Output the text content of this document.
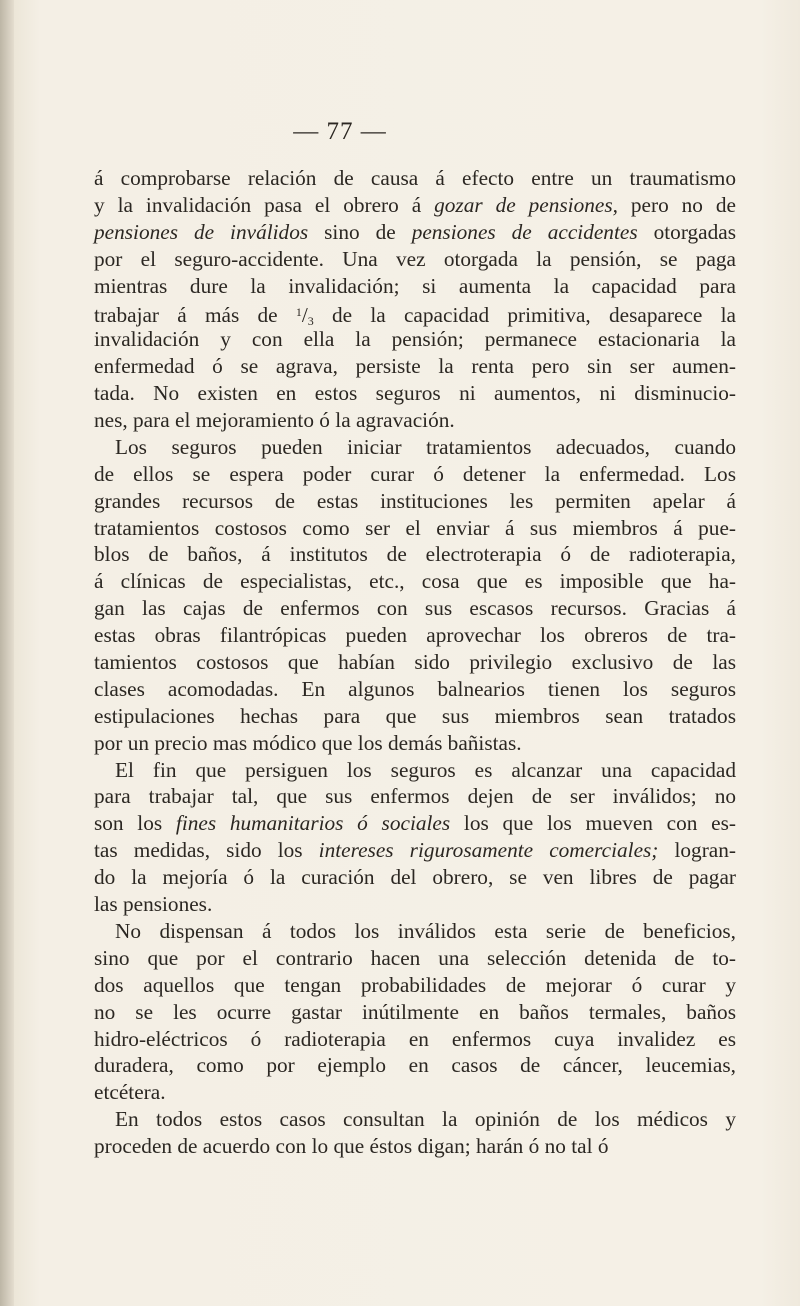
— 77 —
á comprobarse relación de causa á efecto entre un traumatismo
y la invalidación pasa el obrero á gozar de pensiones, pero no de
pensiones de inválidos sino de pensiones de accidentes otorgadas
por el seguro-accidente. Una vez otorgada la pensión, se paga
mientras dure la invalidación; si aumenta la capacidad para
trabajar á más de $^1/_3$ de la capacidad primitiva, desaparece la
invalidación y con ella la pensión; permanece estacionaria la
enfermedad ó se agrava, persiste la renta pero sin ser aumen-
tada. No existen en estos seguros ni aumentos, ni disminucio-
nes, para el mejoramiento ó la agravación.
Los seguros pueden iniciar tratamientos adecuados, cuando
de ellos se espera poder curar ó detener la enfermedad. Los
grandes recursos de estas instituciones les permiten apelar á
tratamientos costosos como ser el enviar á sus miembros á pue-
blos de baños, á institutos de electroterapia ó de radioterapia,
á clínicas de especialistas, etc., cosa que es imposible que ha-
gan las cajas de enfermos con sus escasos recursos. Gracias á
estas obras filantrópicas pueden aprovechar los obreros de tra-
tamientos costosos que habían sido privilegio exclusivo de las
clases acomodadas. En algunos balnearios tienen los seguros
estipulaciones hechas para que sus miembros sean tratados
por un precio mas módico que los demás bañistas.
El fin que persiguen los seguros es alcanzar una capacidad
para trabajar tal, que sus enfermos dejen de ser inválidos; no
son los fines humanitarios ó sociales los que los mueven con es-
tas medidas, sido los intereses rigurosamente comerciales; logran-
do la mejoría ó la curación del obrero, se ven libres de pagar
las pensiones.
No dispensan á todos los inválidos esta serie de beneficios,
sino que por el contrario hacen una selección detenida de to-
dos aquellos que tengan probabilidades de mejorar ó curar y
no se les ocurre gastar inútilmente en baños termales, baños
hidro-eléctricos ó radioterapia en enfermos cuya invalidez es
duradera, como por ejemplo en casos de cáncer, leucemias,
etcétera.
En todos estos casos consultan la opinión de los médicos y
proceden de acuerdo con lo que éstos digan; harán ó no tal ó
